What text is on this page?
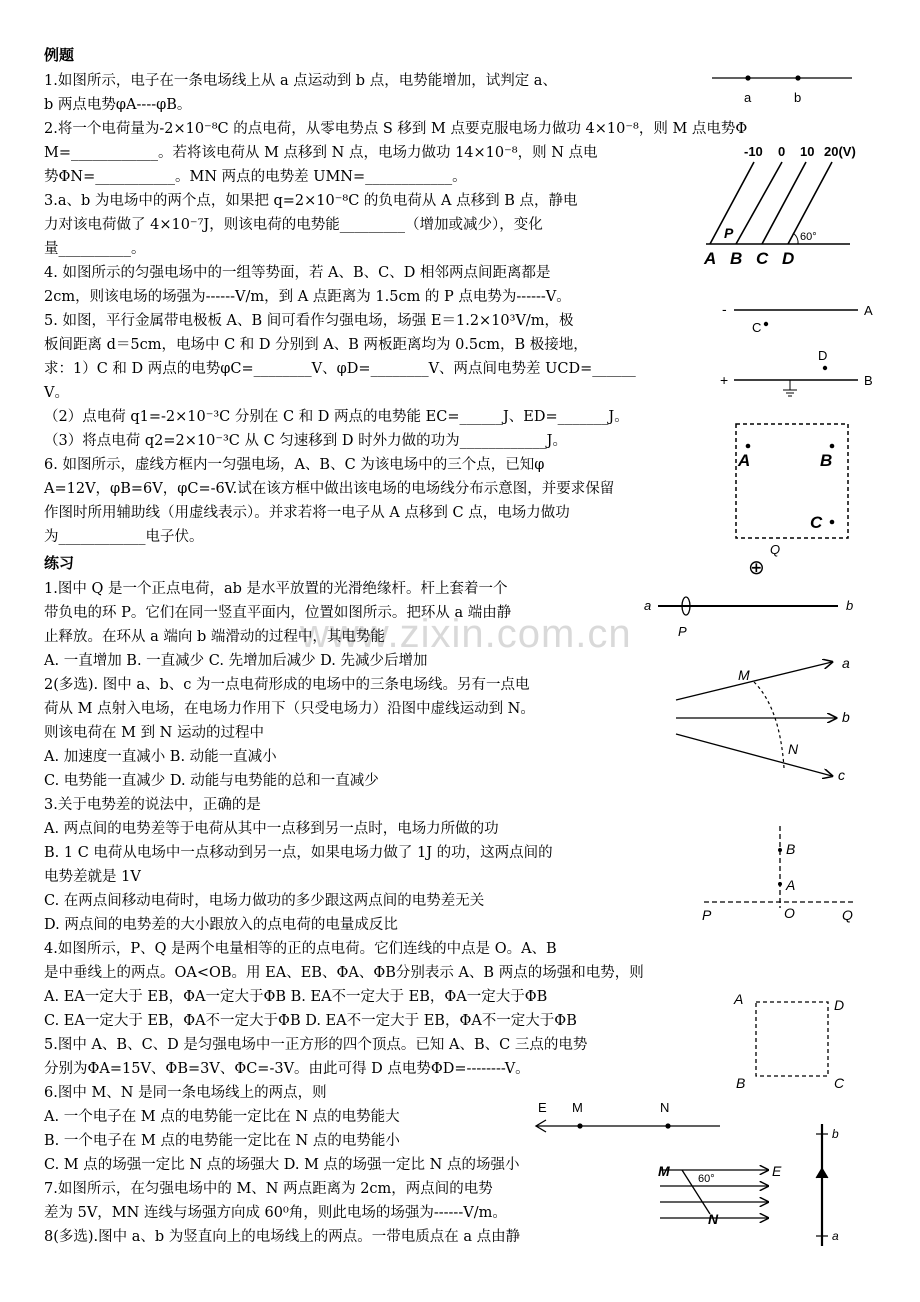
www.zixin.com.cn
例题
练习
1.如图所示，电子在一条电场线上从 a 点运动到 b 点，电势能增加，试判定 a、
b 两点电势φA----φB。
2.将一个电荷量为-2×10⁻⁸C 的点电荷，从零电势点 S 移到 M 点要克服电场力做功 4×10⁻⁸，则 M 点电势Φ
M=____________。若将该电荷从 M 点移到 N 点，电场力做功 14×10⁻⁸，则 N 点电
势ΦN=___________。MN 两点的电势差 UMN=____________。
3.a、b 为电场中的两个点，如果把 q=2×10⁻⁸C 的负电荷从 A 点移到 B 点，静电
力对该电荷做了 4×10⁻⁷J，则该电荷的电势能_________（增加或减少），变化
量__________。
4. 如图所示的匀强电场中的一组等势面，若 A、B、C、D 相邻两点间距离都是
2cm，则该电场的场强为------V/m，到 A 点距离为 1.5cm 的 P 点电势为------V。
5. 如图，平行金属带电极板 A、B 间可看作匀强电场，场强 E＝1.2×10³V/m，极
板间距离 d＝5cm，电场中 C 和 D 分别到 A、B 两板距离均为 0.5cm，B 极接地，
求：1）C 和 D 两点的电势φC=________V、φD=________V、两点间电势差 UCD=______
V。
（2）点电荷 q1=-2×10⁻³C 分别在 C 和 D 两点的电势能 EC=______J、ED=_______J。
（3）将点电荷 q2=2×10⁻³C 从 C 匀速移到 D 时外力做的功为____________J。
6. 如图所示，虚线方框内一匀强电场，A、B、C 为该电场中的三个点，已知φ
A=12V，φB=6V，φC=-6V.试在该方框中做出该电场的电场线分布示意图，并要求保留
作图时所用辅助线（用虚线表示）。并求若将一电子从 A 点移到 C 点，电场力做功
为____________电子伏。
1.图中 Q 是一个正点电荷，ab 是水平放置的光滑绝缘杆。杆上套着一个
带负电的环 P。它们在同一竖直平面内，位置如图所示。把环从 a 端由静
止释放。在环从 a 端向 b 端滑动的过程中，其电势能
A. 一直增加 B. 一直减少 C. 先增加后减少 D. 先减少后增加
2(多选). 图中 a、b、c 为一点电荷形成的电场中的三条电场线。另有一点电
荷从 M 点射入电场，在电场力作用下（只受电场力）沿图中虚线运动到 N。
则该电荷在 M 到 N 运动的过程中
A. 加速度一直减小 B. 动能一直减小
C. 电势能一直减少 D. 动能与电势能的总和一直减少
3.关于电势差的说法中，正确的是
A. 两点间的电势差等于电荷从其中一点移到另一点时，电场力所做的功
B. 1 C 电荷从电场中一点移动到另一点，如果电场力做了 1J 的功，这两点间的
电势差就是 1V
C. 在两点间移动电荷时，电场力做功的多少跟这两点间的电势差无关
D. 两点间的电势差的大小跟放入的点电荷的电量成反比
4.如图所示，P、Q 是两个电量相等的正的点电荷。它们连线的中点是 O。A、B
是中垂线上的两点。OA<OB。用 EA、EB、ΦA、ΦB分别表示 A、B 两点的场强和电势，则
A. EA一定大于 EB，ΦA一定大于ΦB B. EA不一定大于 EB，ΦA一定大于ΦB
C. EA一定大于 EB，ΦA不一定大于ΦB D. EA不一定大于 EB，ΦA不一定大于ΦB
5.图中 A、B、C、D 是匀强电场中一正方形的四个顶点。已知 A、B、C 三点的电势
分别为ΦA=15V、ΦB=3V、ΦC=-3V。由此可得 D 点电势ΦD=--------V。
6.图中 M、N 是同一条电场线上的两点，则
A. 一个电子在 M 点的电势能一定比在 N 点的电势能大
B. 一个电子在 M 点的电势能一定比在 N 点的电势能小
C. M 点的场强一定比 N 点的场强大 D. M 点的场强一定比 N 点的场强小
7.如图所示，在匀强电场中的 M、N 两点距离为 2cm，两点间的电势
差为 5V，MN 连线与场强方向成 60⁰角，则此电场的场强为------V/m。
8(多选).图中 a、b 为竖直向上的电场线上的两点。一带电质点在 a 点由静
a	b
-10 0 10 20(V)
60°
P
A B C D
-	A
C
D
+	B
A	B
C
Q
⊕
a	b
P
a
b
c
M
N
B
A
O
P	Q
A	D
B	C
E M	N
M
N
E
60°
b
a
